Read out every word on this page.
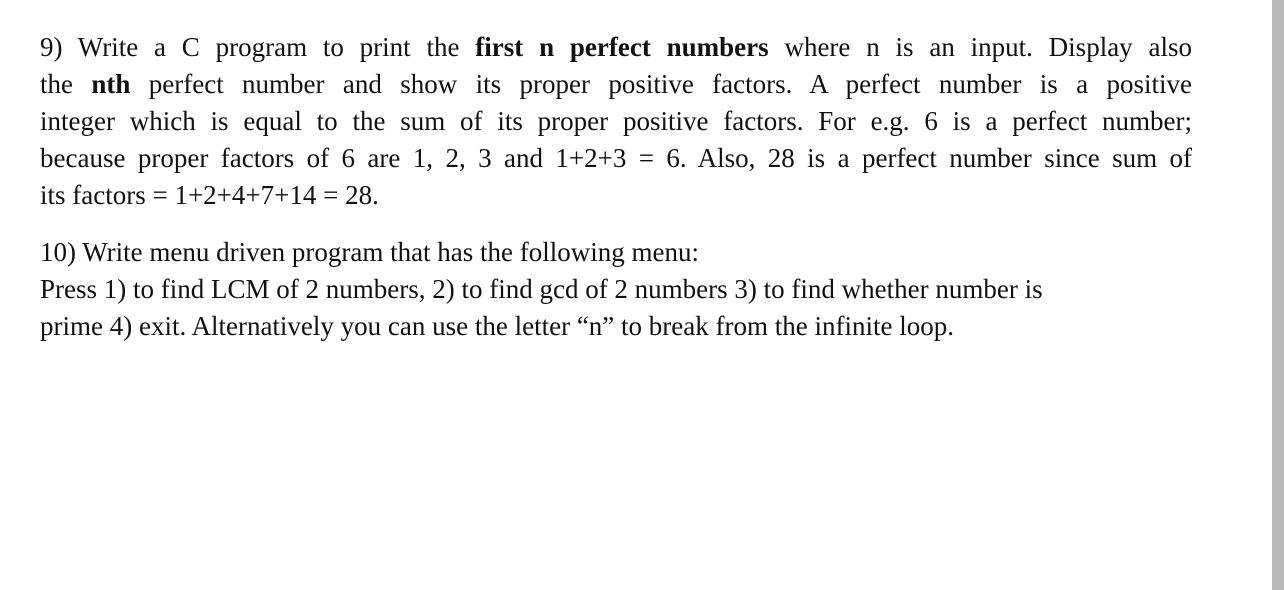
9) Write a C program to print the first n perfect numbers where n is an input. Display also
the nth perfect number and show its proper positive factors. A perfect number is a positive
integer which is equal to the sum of its proper positive factors. For e.g. 6 is a perfect number;
because proper factors of 6 are 1, 2, 3 and 1+2+3 = 6. Also, 28 is a perfect number since sum of
its factors = 1+2+4+7+14 = 28.
10) Write menu driven program that has the following menu:
Press 1) to find LCM of 2 numbers, 2) to find gcd of 2 numbers 3) to find whether number is
prime 4) exit. Alternatively you can use the letter “n” to break from the infinite loop.
